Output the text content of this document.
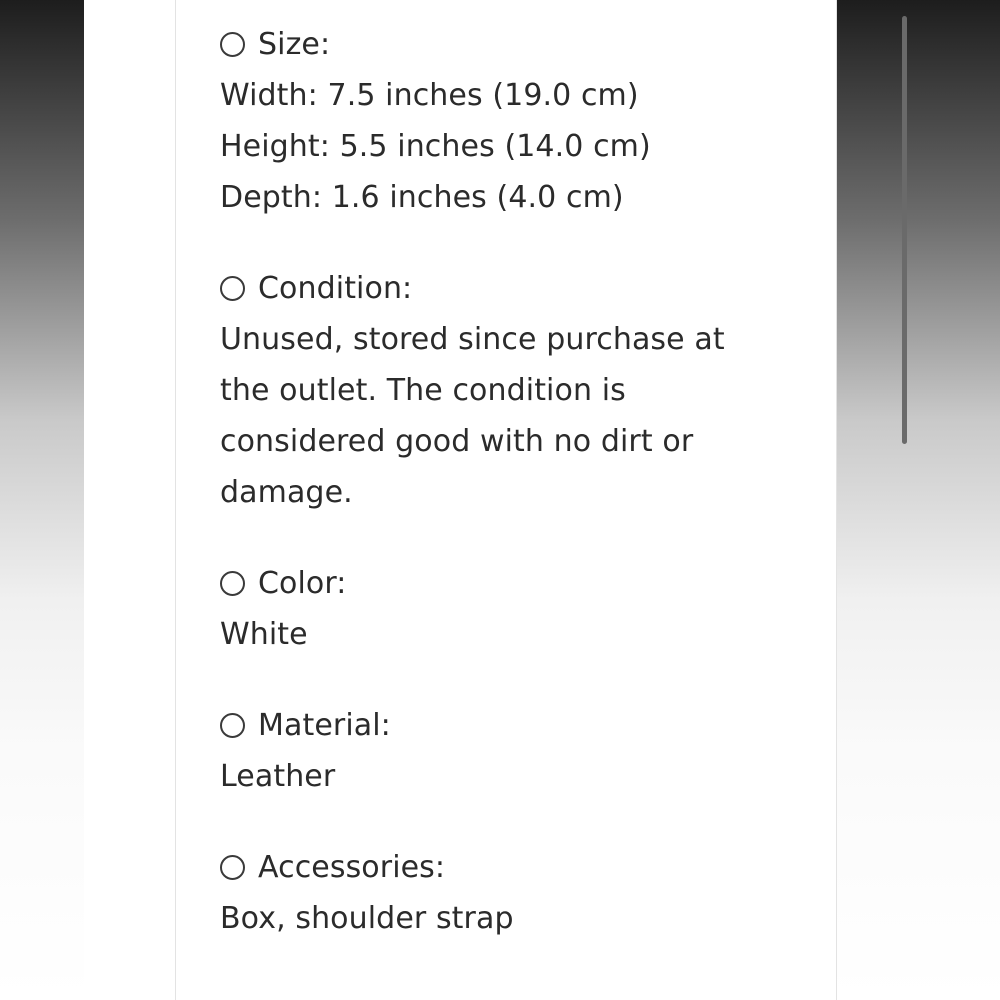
Size:
Width: 7.5 inches (19.0 cm)
Height: 5.5 inches (14.0 cm)
Depth: 1.6 inches (4.0 cm)
Condition:
Unused, stored since purchase at the outlet. The condition is considered good with no dirt or damage.
Color:
White
Material:
Leather
Accessories:
Box, shoulder strap
